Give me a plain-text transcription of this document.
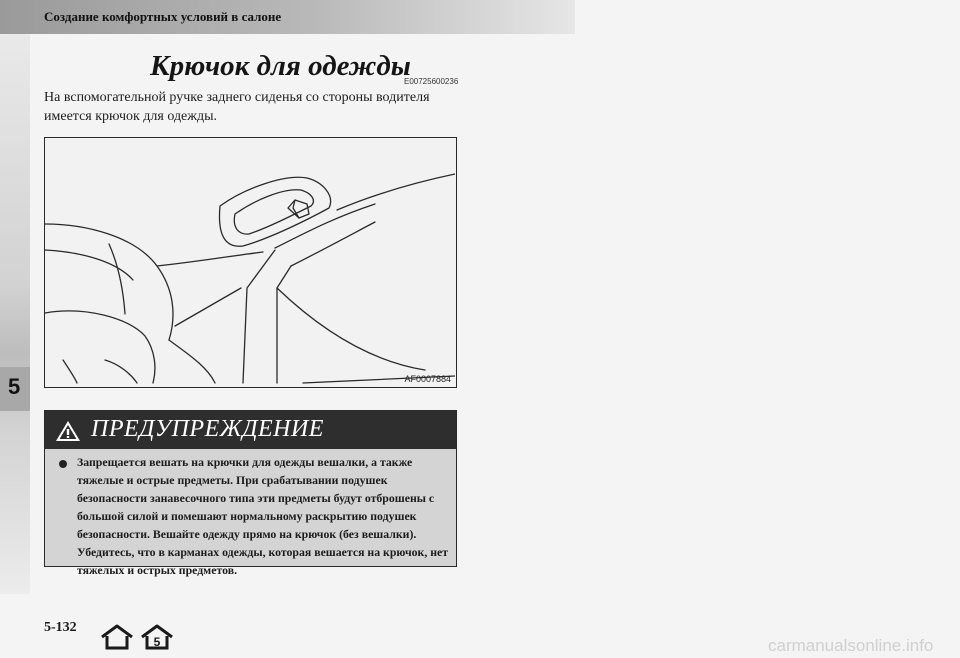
Создание комфортных условий в салоне
5
Крючок для одежды
E00725600236

На вспомогательной ручке заднего сиденья со стороны водителя имеется крючок для одежды.

AF0007884
ПРЕДУПРЕЖДЕНИЕ

Запрещается вешать на крючки для одежды вешалки, а также тяжелые и острые предметы. При срабатывании подушек безопасности занавесочного типа эти предметы будут отброшены с большой силой и помешают нормальному раскрытию подушек безопасности. Вешайте одежду прямо на крючок (без вешалки). Убедитесь, что в карманах одежды, которая вешается на крючок, нет тяжелых и острых предметов.

5-132
5	carmanualsonline.info
